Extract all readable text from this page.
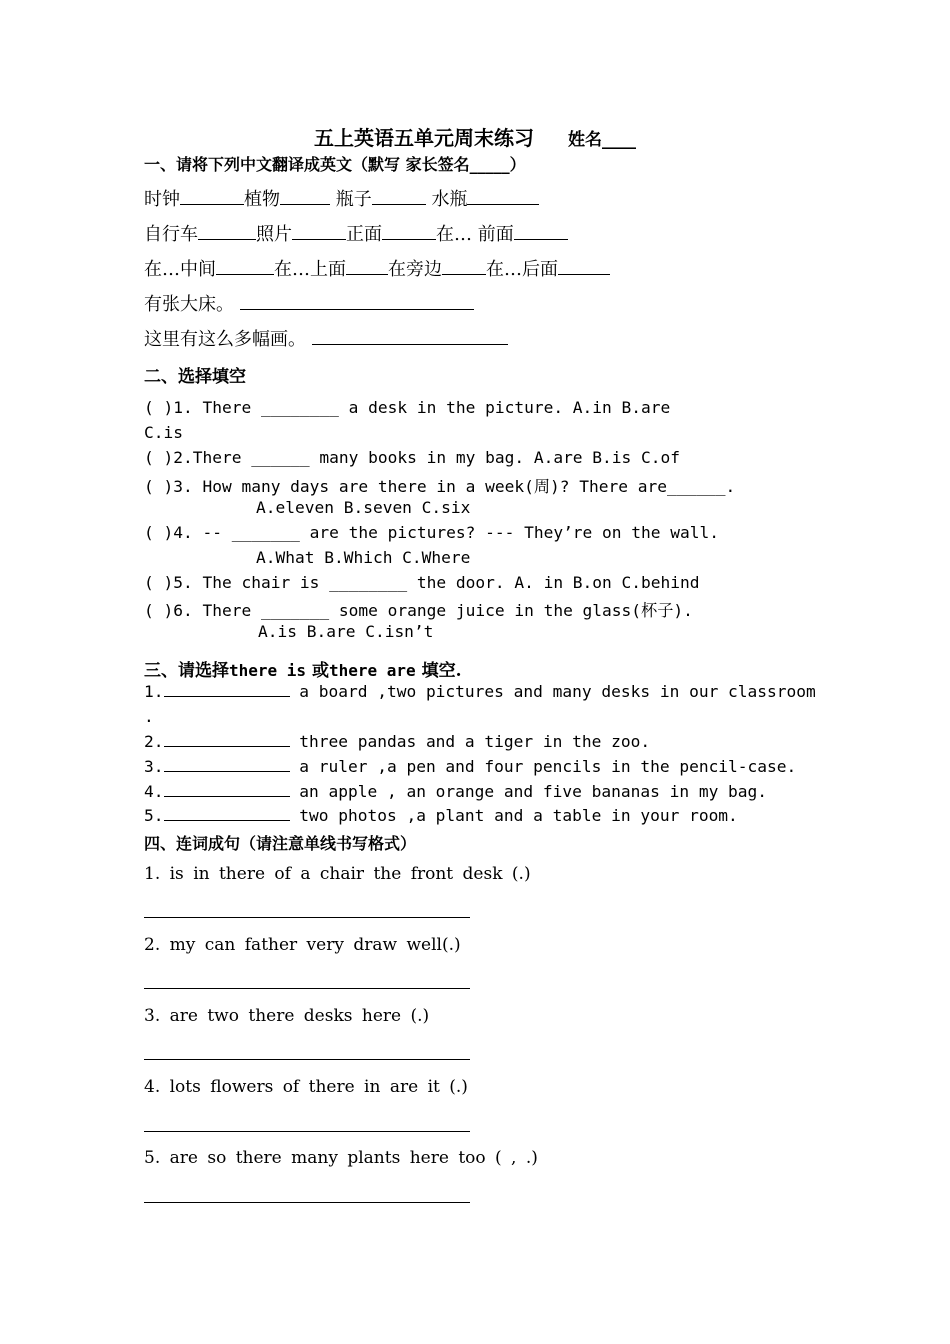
五上英语五单元周末练习 姓名____
一、请将下列中文翻译成英文（默写 家长签名_____）
时钟	植物	瓶子	水瓶
自行车	照片	正面	在… 前面
在…中间	在…上面 在旁边 在…后面
有张大床。
这里有这么多幅画。
二、选择填空
( )1. There ________ a desk in the picture. A.in B.are
C.is
( )2.There ______ many books in my bag. A.are B.is C.of
( )3. How many days are there in a week(周)? There are______.
A.eleven B.seven C.six
( )4. -- _______ are the pictures? --- They’re on the wall.
A.What B.Which C.Where
( )5. The chair is ________ the door. A. in B.on C.behind
( )6. There _______ some orange juice in the glass(杯子).
A.is B.are C.isn’t
三、请选择there is 或there are 填空.
1.	a board ,two pictures and many desks in our classroom
.
2.	three pandas and a tiger in the zoo.
3.	a ruler ,a pen and four pencils in the pencil-case.
4.	an apple , an orange and five bananas in my bag.
5.	two photos ,a plant and a table in your room.
四、连词成句（请注意单线书写格式）
1. is in there of a chair the front desk (.)
2. my can father very draw well(.)
3. are two there desks here (.)
4. lots flowers of there in are it (.)
5. are so there many plants here too ( , .)
